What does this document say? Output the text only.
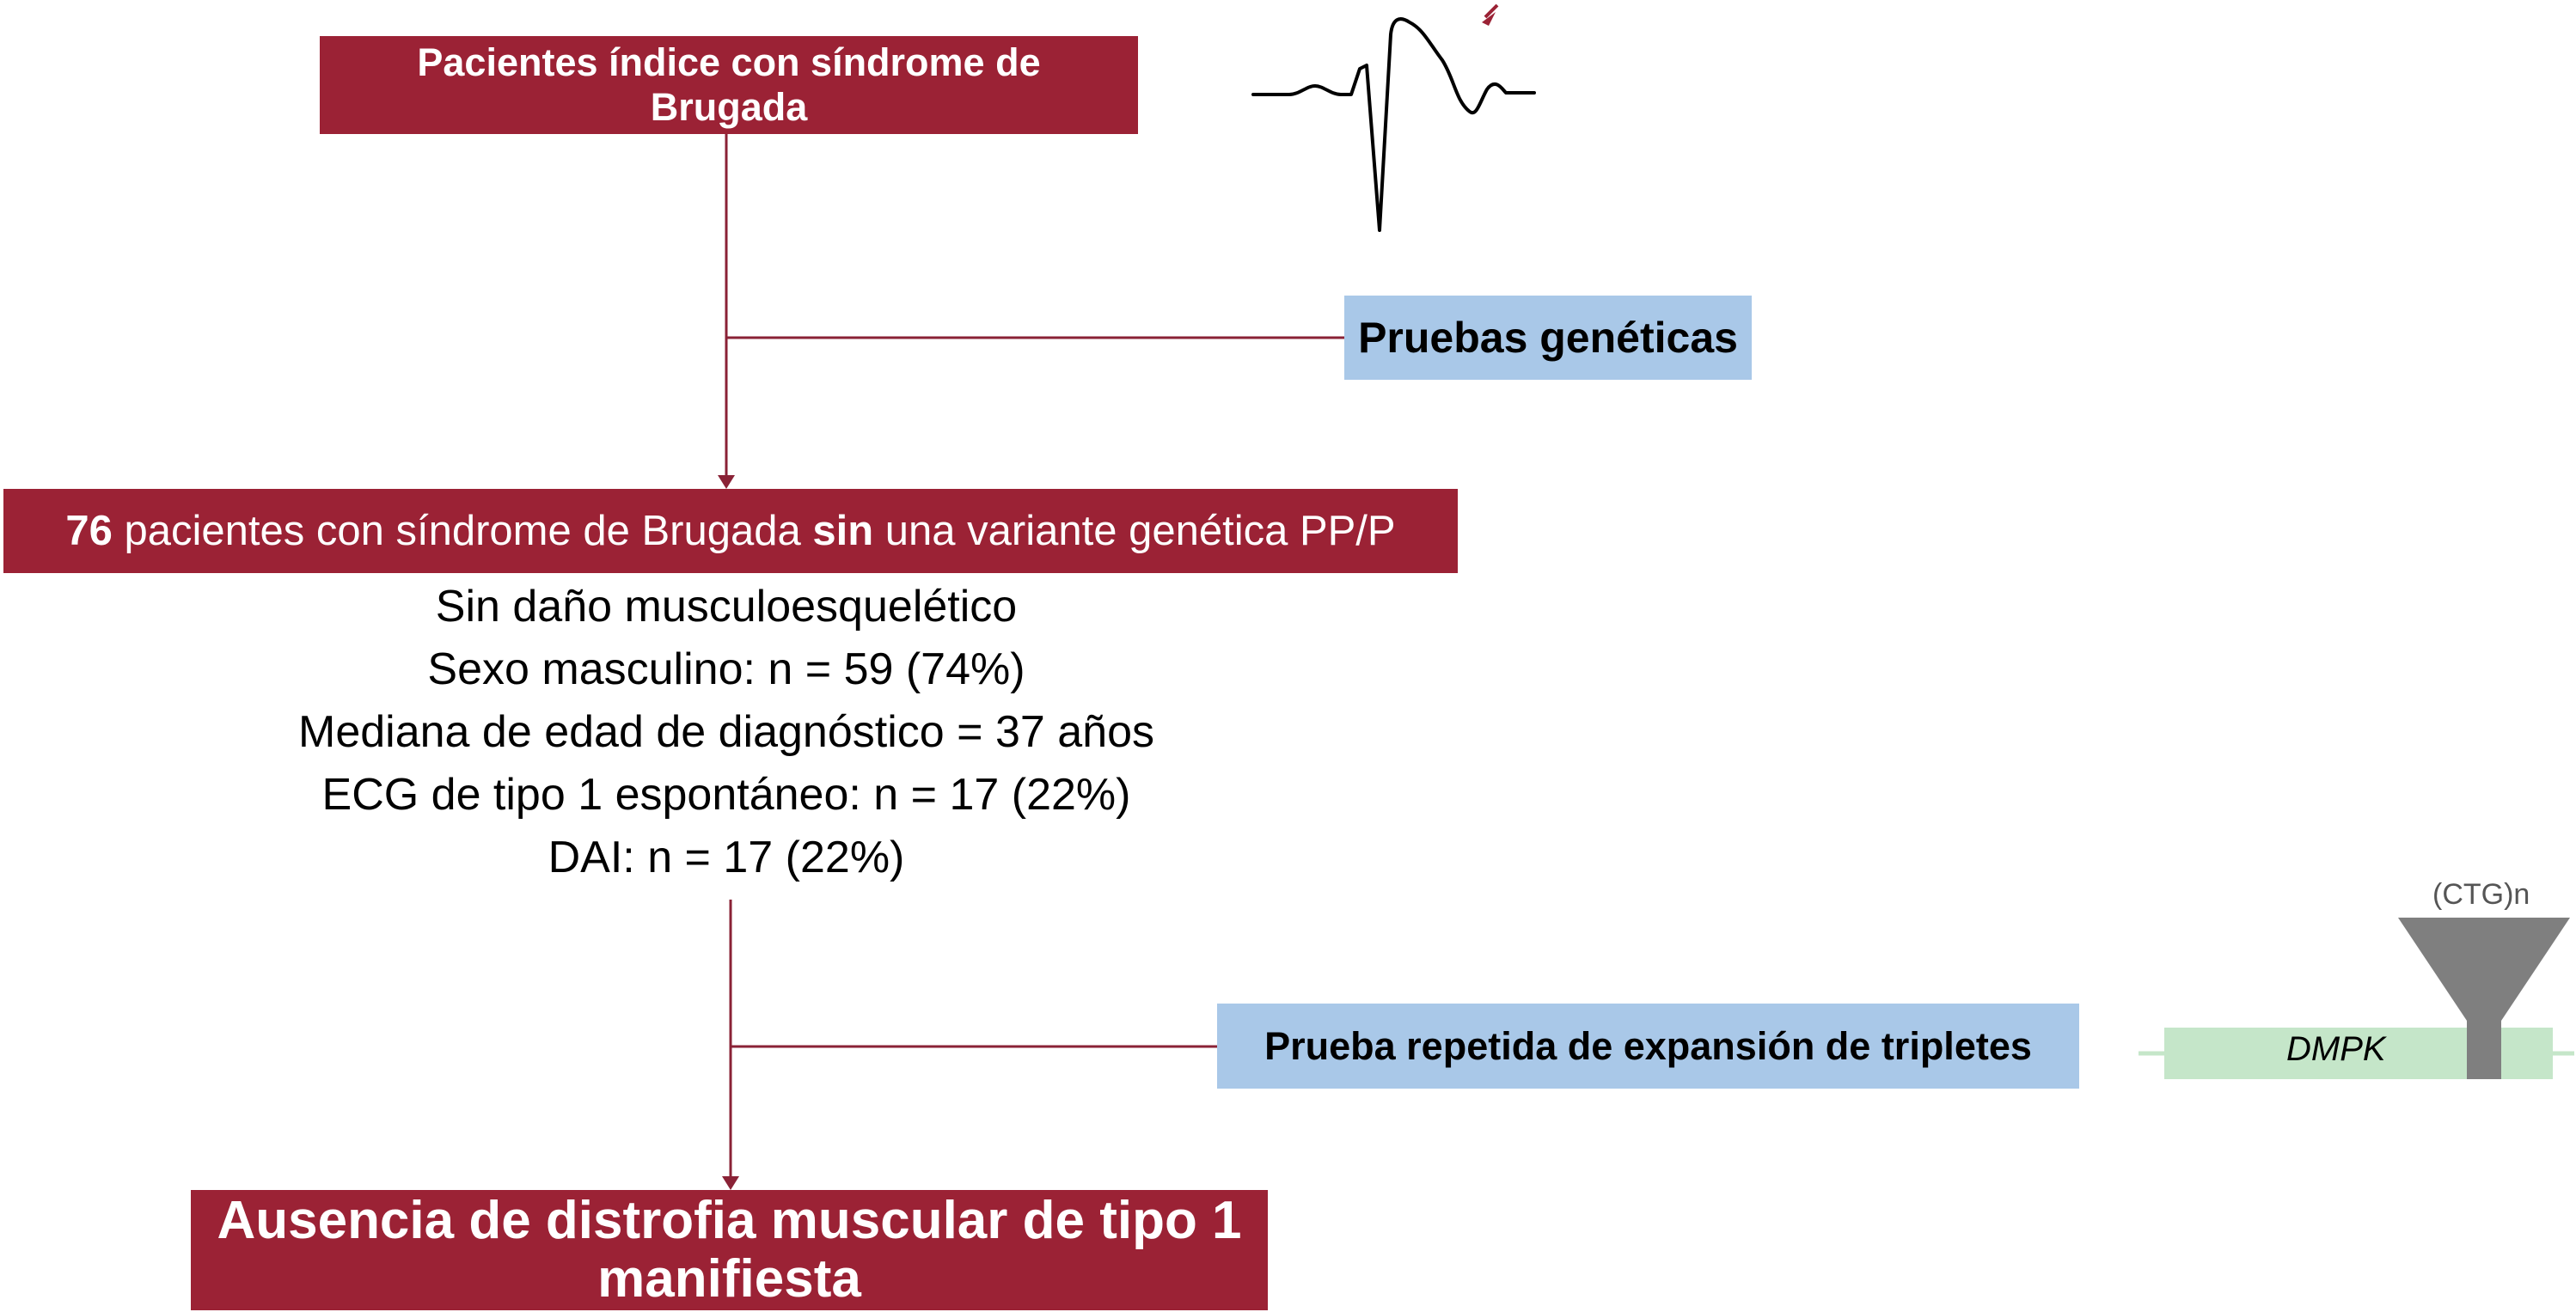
Pacientes índice con síndrome de Brugada
Pruebas genéticas
76 pacientes con síndrome de Brugada sin una variante genética PP/P
Sin daño musculoesquelético
Sexo masculino: n = 59 (74%)
Mediana de edad de diagnóstico = 37 años
ECG de tipo 1 espontáneo: n = 17 (22%)
DAI: n = 17 (22%)
Prueba repetida de expansión de tripletes
Ausencia de distrofia muscular de tipo 1 manifiesta
(CTG)n
DMPK
